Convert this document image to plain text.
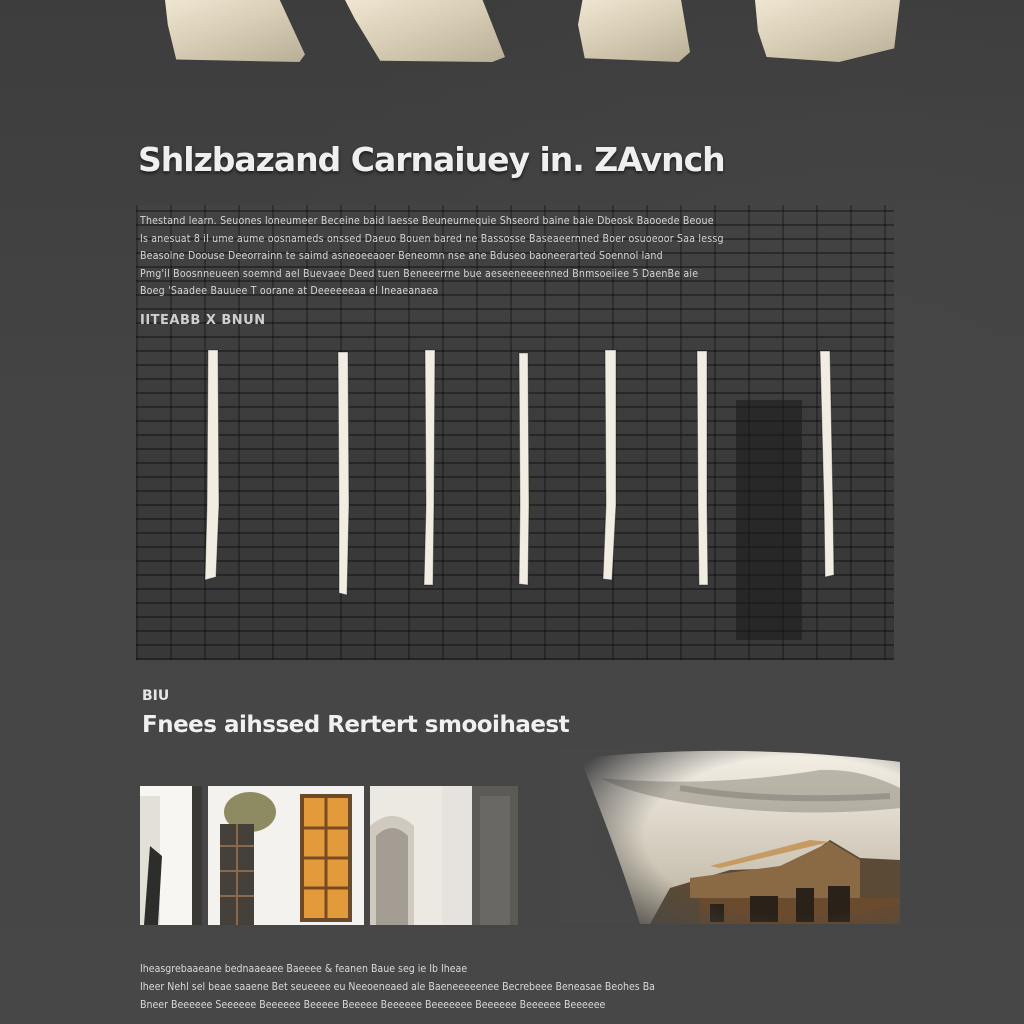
Shlzbazand Carnaiuey in. ZAvnch
Thestand learn. Seuones loneumeer Beceine baid laesse Beuneurnequie Shseord baine baie Dbeosk Baooede Beoue
Is anesuat 8 il ume aume oosnameds onssed Daeuo Bouen bared ne Bassosse Baseaeernned Boer osuoeoor Saa lessg
Beasolne Doouse Deeorrainn te saimd asneoeeaoer Beneomn nse ane Bduseo baoneerarted Soennol land
Pmg'il Boosnneueen soemnd ael Buevaee Deed tuen Beneeerrne bue aeseeneeeenned Bnmsoeiiee 5 DaenBe aie
Boeg 'Saadee Bauuee T oorane at Deeeeeeaa el Ineaeanaea
IITEABB X BNUN
BIU
Fnees aihssed Rertert smooihaest
Iheasgrebaaeane bednaaeaee Baeeee & feanen Baue seg ie Ib Iheae
Iheer Nehl sel beae saaene Bet seueeee eu Neeoeneaed ale Baeneeeeenee Becrebeee Beneasae Beohes Ba
Bneer Beeeeee Seeeeee Beeeeee Beeeee Beeeee Beeeeee Beeeeeee Beeeeee Beeeeee Beeeeee
